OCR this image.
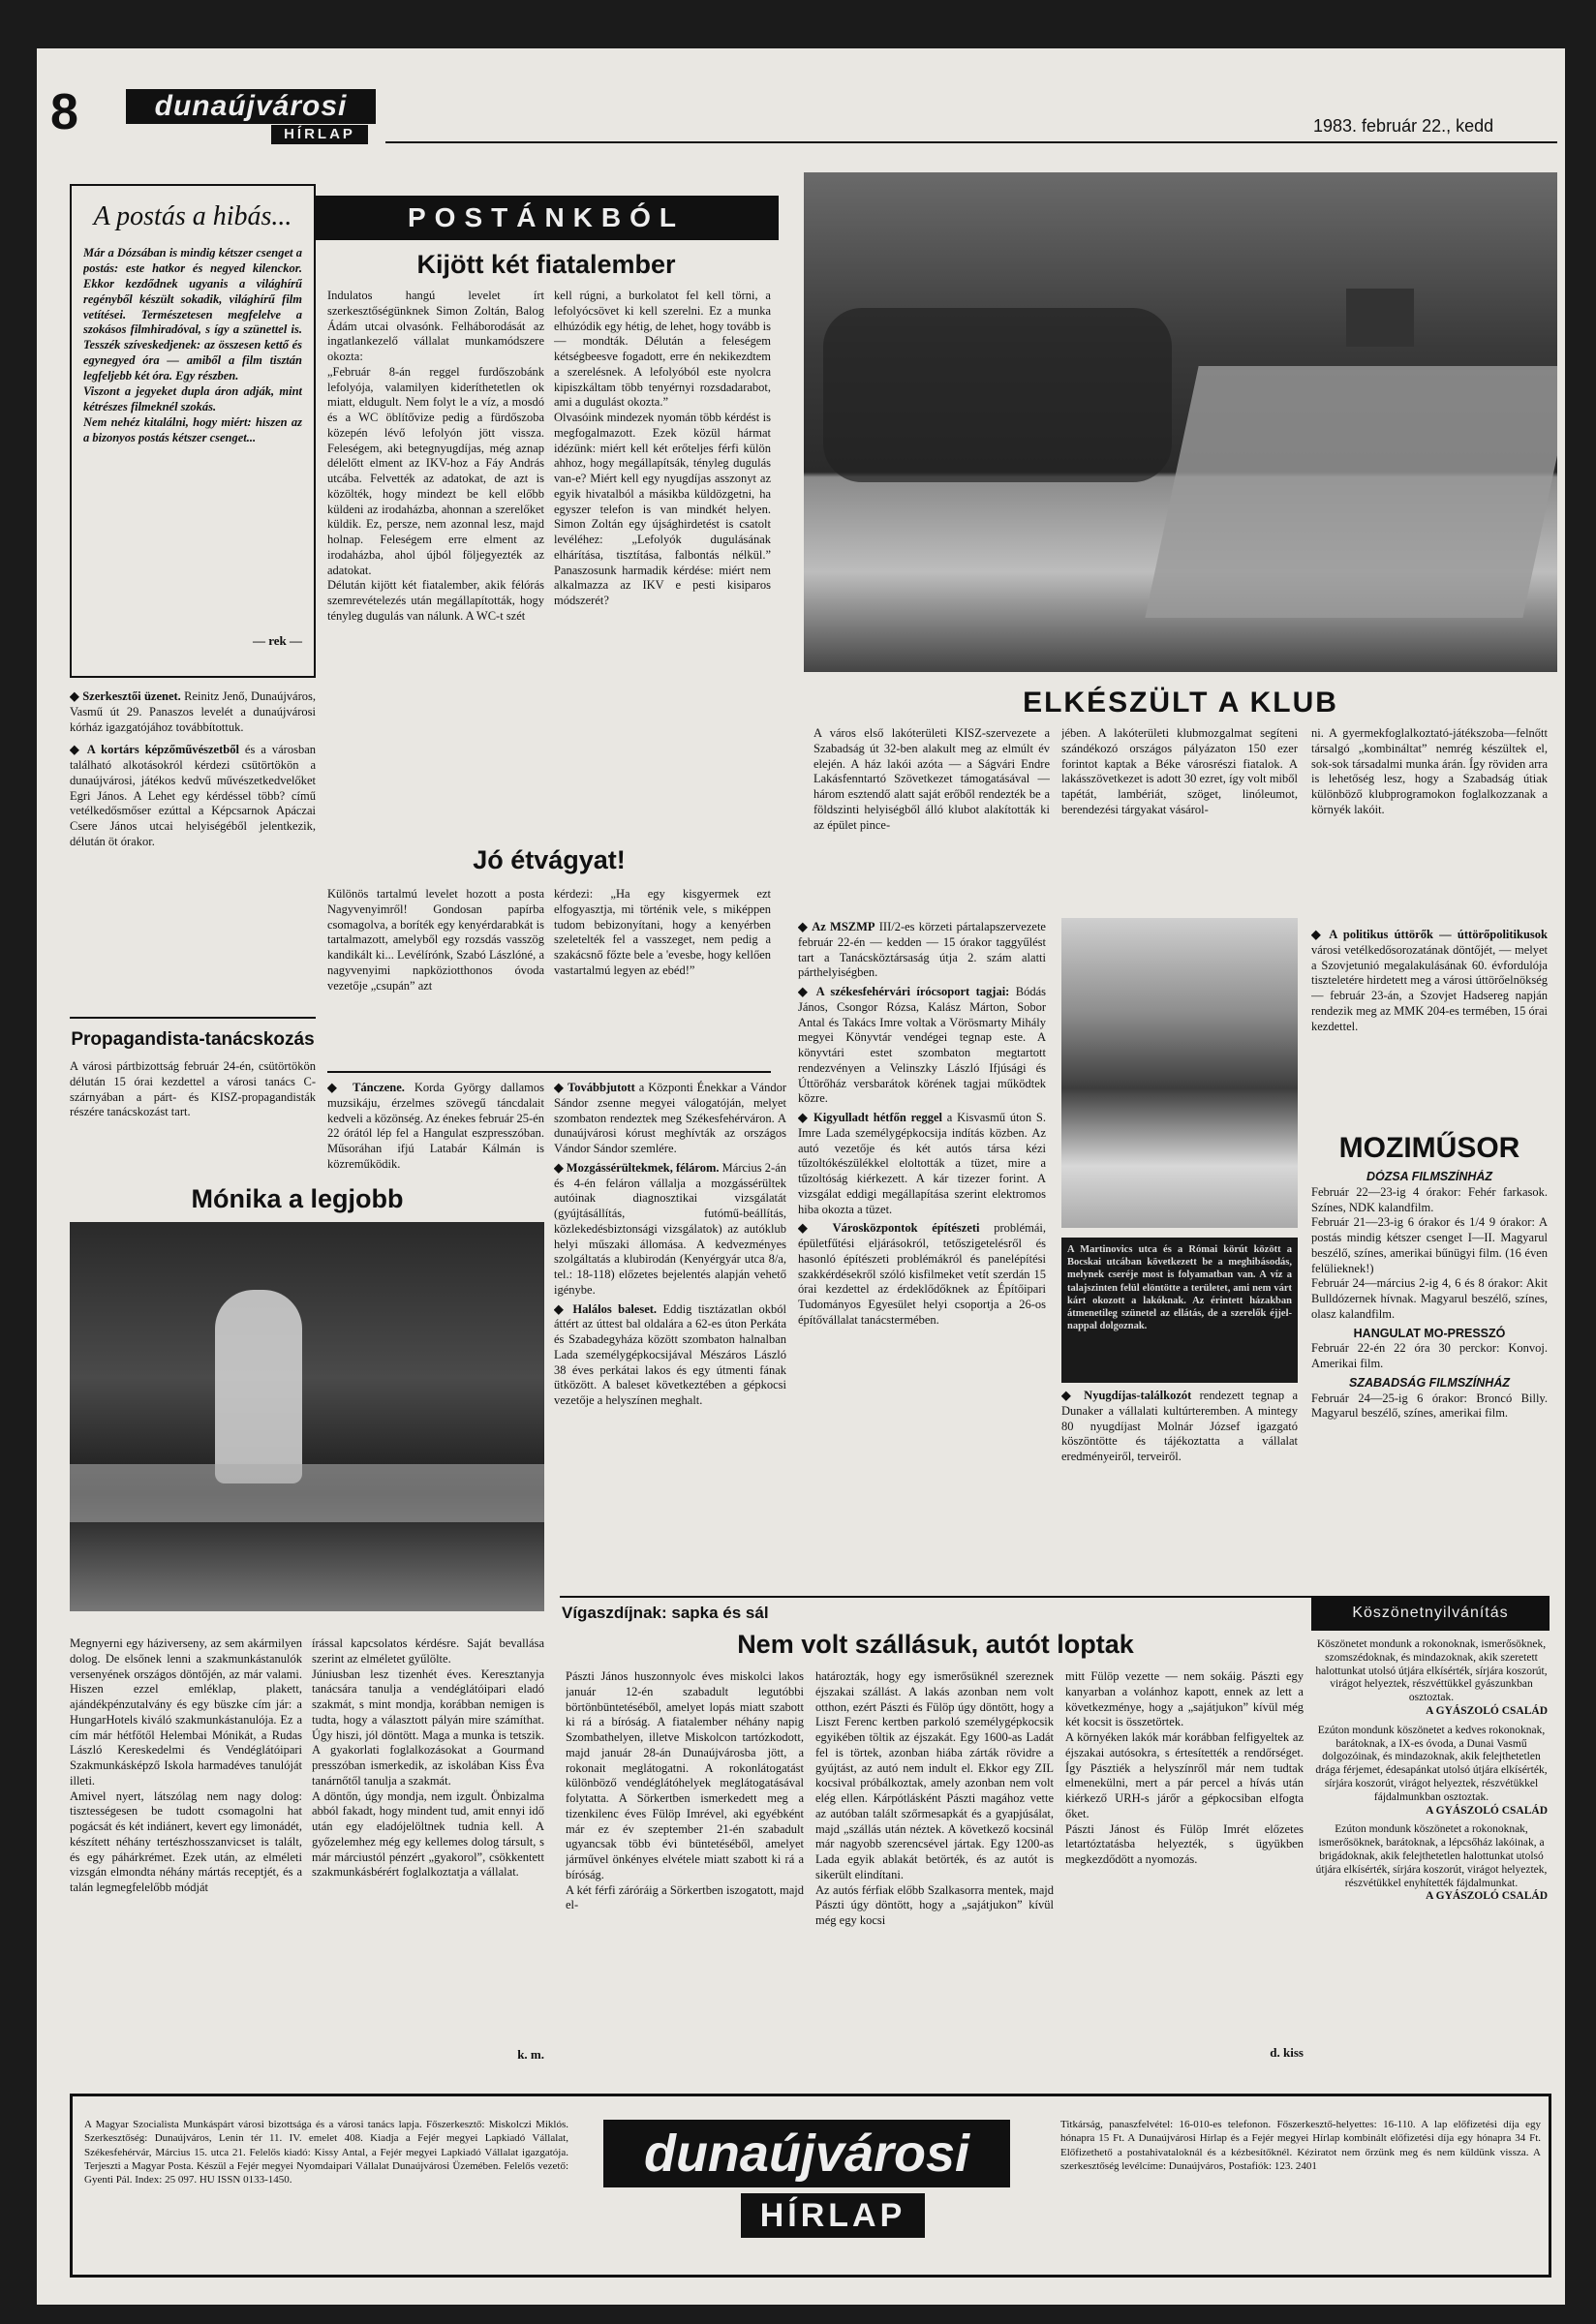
8	dunaújvárosi
HÍRLAP	1983. február 22., kedd
A postás a hibás...
Már a Dózsában is mindig kétszer csenget a postás: este hatkor és negyed kilenckor. Ekkor kezdődnek ugyanis a világhírű regényből készült sokadik, világhírű film vetítései. Természetesen megfelelve a szokásos filmhiradóval, s így a szünettel is. Tesszék szíveskedjenek: az összesen kettő és egynegyed óra — amiből a film tisztán legfeljebb két óra. Egy részben.
Viszont a jegyeket dupla áron adják, mint kétrészes filmeknél szokás.
Nem nehéz kitalálni, hogy miért: hiszen az a bizonyos postás kétszer csenget...
— rek —

◆ Szerkesztői üzenet. Reinitz Jenő, Dunaújváros, Vasmű út 29. Panaszos levelét a dunaújvárosi kórház igazgatójához továbbítottuk.

◆ A kortárs képzőművészetből és a városban található alkotásokról kérdezi csütörtökön a dunaújvárosi, játékos kedvű művészetkedvelőket Egri János. A Lehet egy kérdéssel több? című vetélkedősmőser ezúttal a Képcsarnok Apáczai Csere János utcai helyiségéből jelentkezik, délután öt órakor.

Propagandista-tanácskozás
A városi pártbizottság február 24-én, csütörtökön délután 15 órai kezdettel a városi tanács C-szárnyában a párt- és KISZ-propagandisták részére tanácskozást tart.
POSTÁNKBÓL
Kijött két fiatalember
Indulatos hangú levelet írt szerkesztőségünknek Simon Zoltán, Balog Ádám utcai olvasónk. Felháborodását az ingatlankezelő vállalat munkamódszere okozta:
„Február 8-án reggel furdőszobánk lefolyója, valamilyen kideríthetetlen ok miatt, eldugult. Nem folyt le a víz, a mosdó és a WC öblítővize pedig a fürdőszoba közepén lévő lefolyón jött vissza. Feleségem, aki betegnyugdíjas, még aznap délelőtt elment az IKV-hoz a Fáy András utcába. Felvették az adatokat, de azt is közölték, hogy mindezt be kell előbb küldeni az irodaházba, ahonnan a szerelőket küldik. Ez, persze, nem azonnal lesz, majd holnap. Feleségem erre elment az irodaházba, ahol újból följegyezték az adatokat.
Délután kijött két fiatalember, akik félórás szemrevételezés után megállapították, hogy tényleg dugulás van nálunk. A WC-t szét
kell rúgni, a burkolatot fel kell törni, a lefolyócsövet ki kell szerelni. Ez a munka elhúzódik egy hétig, de lehet, hogy tovább is — mondták. Délután a feleségem kétségbeesve fogadott, erre én nekikezdtem a szerelésnek. A lefolyóból este nyolcra kipiszkáltam több tenyérnyi rozsdadarabot, ami a dugulást okozta.”
Olvasóink mindezek nyomán több kérdést is megfogalmazott. Ezek közül hármat idézünk: miért kell két erőteljes férfi külön ahhoz, hogy megállapítsák, tényleg dugulás van-e? Miért kell egy nyugdíjas asszonyt az egyik hivatalból a másikba küldözgetni, ha egyszer telefon is van mindkét helyen. Simon Zoltán egy újsághirdetést is csatolt levéléhez: „Lefolyók dugulásának elhárítása, tisztítása, falbontás nélkül.” Panaszosunk harmadik kérdése: miért nem alkalmazza az IKV e pesti kisiparos módszerét?
Jó étvágyat!
Különös tartalmú levelet hozott a posta Nagyvenyimről! Gondosan papírba csomagolva, a boríték egy kenyérdarabkát is tartalmazott, amelyből egy rozsdás vasszög kandikált ki... Levélírónk, Szabó Lászlóné, a nagyvenyimi napköziotthonos óvoda vezetője „csupán” azt
kérdezi: „Ha egy kisgyermek ezt elfogyasztja, mi történik vele, s miképpen tudom bebizonyítani, hogy a kenyérben szeletelték fel a vasszeget, nem pedig a szakácsnő főzte bele a 'evesbe, hogy kellően vastartalmú legyen az ebéd!”
ELKÉSZÜLT A KLUB
A város első lakóterületi KISZ-szervezete a Szabadság út 32-ben alakult meg az elmúlt év elején. A ház lakói azóta — a Ságvári Endre Lakásfenntartó Szövetkezet támogatásával — három esztendő alatt saját erőből rendezték be a földszinti helyiségből álló klubot alakították ki az épület pince-
jében. A lakóterületi klubmozgalmat segíteni szándékozó országos pályázaton 150 ezer forintot kaptak a Béke városrészi fiatalok. A lakásszövetkezet is adott 30 ezret, így volt miből tapétát, lambériát, szöget, linóleumot, berendezési tárgyakat vásárol-
ni. A gyermekfoglalkoztató-játékszoba—felnőtt társalgó „kombináltat” nemrég készültek el, sok-sok társadalmi munka árán. Így röviden arra is lehetőség lesz, hogy a Szabadság útiak különböző klubprogramokon foglalkozzanak a környék lakóit.

◆ Tánczene. Korda György dallamos muzsikáju, érzelmes szövegű táncdalait kedveli a közönség. Az énekes február 25-én 22 órától lép fel a Hangulat eszpresszóban. Műsoráhan ifjú Latabár Kálmán is közreműködik.

◆ Továbbjutott a Központi Énekkar a Vándor Sándor zsenne megyei válogatóján, melyet szombaton rendeztek meg Székesfehérváron. A dunaújvárosi kórust meghívták az országos Vándor Sándor szemlére.

◆ Mozgássérültekmek, félárom. Március 2-án és 4-én feláron vállalja a mozgássérültek autóinak diagnosztikai vizsgálatát (gyújtásállítás, futómű-beállítás, közlekedésbiztonsági vizsgálatok) az autóklub helyi műszaki állomása. A kedvezményes szolgáltatás a klubirodán (Kenyérgyár utca 8/a, tel.: 18-118) előzetes bejelentés alapján vehető igénybe.

◆ Halálos baleset. Eddig tisztázatlan okból áttért az úttest bal oldalára a 62-es úton Perkáta és Szabadegyháza között szombaton halnalban Lada személygépkocsijával Mészáros László 38 éves perkátai lakos és egy útmenti fának ütközött. A baleset következtében a gépkocsi vezetője a helyszínen meghalt.

◆ Az MSZMP III/2-es körzeti pártalapszervezete február 22-én — kedden — 15 órakor taggyűlést tart a Tanácsköztársaság útja 2. szám alatti párthelyiségben.

◆ A székesfehérvári írócsoport tagjai: Bódás János, Csongor Rózsa, Kalász Márton, Sobor Antal és Takács Imre voltak a Vörösmarty Mihály megyei Könyvtár vendégei tegnap este. A könyvtári estet szombaton megtartott rendezvényen a Velinszky László Ifjúsági és Úttörőház versbarátok körének tagjai működtek közre.

◆ Kigyulladt hétfőn reggel a Kisvasmű úton S. Imre Lada személygépkocsija indítás közben. Az autó vezetője és két autós társa kézi tűzoltókészülékkel eloltották a tüzet, mire a tűzoltóság kiérkezett. A kár tizezer forint. A vizsgálat eddigi megállapítása szerint elektromos hiba okozta a tüzet.

◆ Városközpontok építészeti problémái, épületfűtési eljárásokról, tetőszigetelésről és hasonló építészeti problémákról és panelépítési szakkérdésekről szóló kisfilmeket vetít szerdán 15 órai kezdettel az érdeklődőknek az Építőipari Tudományos Egyesület helyi csoportja a 26-os építővállalat tanácstermében.

A Martinovics utca és a Római körút között a Bocskai utcában következett be a meghibásodás, melynek cseréje most is folyamatban van. A víz a talajszinten felül elöntötte a területet, ami nem várt kárt okozott a lakóknak. Az érintett házakban átmenetileg szünetel az ellátás, de a szerelők éjjel-nappal dolgoznak.
◆ Nyugdíjas-találkozót rendezett tegnap a Dunaker a vállalati kultúrteremben. A mintegy 80 nyugdíjast Molnár József igazgató köszöntötte és tájékoztatta a vállalat eredményeiről, terveiről.
◆ A politikus úttörők — úttörőpolitikusok városi vetélkedősorozatának döntőjét, — melyet a Szovjetunió megalakulásának 60. évfordulója tiszteletére hirdetett meg a városi úttörőelnökség — február 23-án, a Szovjet Hadsereg napján rendezik meg az MMK 204-es termében, 15 órai kezdettel.
MOZIMŰSOR
DÓZSA FILMSZÍNHÁZ
Február 22—23-ig 4 órakor: Fehér farkasok. Színes, NDK kalandfilm.
Február 21—23-ig 6 órakor és 1/4 9 órakor: A postás mindig kétszer csenget I—II. Magyarul beszélő, színes, amerikai bűnügyi film. (16 éven felülieknek!)
Február 24—március 2-ig 4, 6 és 8 órakor: Akit Bulldózernek hívnak. Magyarul beszélő, színes, olasz kalandfilm.
HANGULAT MO-PRESSZÓ
Február 22-én 22 óra 30 perckor: Konvoj. Amerikai film.
SZABADSÁG FILMSZÍNHÁZ
Február 24—25-ig 6 órakor: Broncó Billy. Magyarul beszélő, színes, amerikai film.
Mónika a legjobb
Megnyerni egy háziverseny, az sem akármilyen dolog. De elsőnek lenni a szakmunkástanulók versenyének országos döntőjén, az már valami. Hiszen ezzel emléklap, plakett, ajándékpénzutalvány és egy büszke cím jár: a HungarHotels kiváló szakmunkástanulója. Ez a cím már hétfőtől Helembai Mónikát, a Rudas László Kereskedelmi és Vendéglátóipari Szakmunkásképző Iskola harmadéves tanulóját illeti.
Amivel nyert, látszólag nem nagy dolog: tisztességesen be tudott csomagolni hat pogácsát és két indiánert, kevert egy limonádét, készített néhány tertészhosszanvicset is talált, és egy páhárkrémet. Ezek után, az elméleti vizsgán elmondta néhány mártás receptjét, és a talán legmegfelelőbb módját
írással kapcsolatos kérdésre. Saját bevallása szerint az elméletet gyűlölte.
Júniusban lesz tizenhét éves. Keresztanyja tanácsára tanulja a vendéglátóipari eladó szakmát, s mint mondja, korábban nemigen is tudta, hogy a választott pályán mire számíthat. Úgy hiszi, jól döntött. Maga a munka is tetszik. A gyakorlati foglalkozásokat a Gourmand presszóban ismerkedik, az iskolában Kiss Éva tanárnőtől tanulja a szakmát.
A döntőn, úgy mondja, nem izgult. Önbizalma abból fakadt, hogy mindent tud, amit ennyi idő után egy eladójelöltnek tudnia kell. A győzelemhez még egy kellemes dolog társult, s már márciustól pénzért „gyakorol”, csökkentett szakmunkásbérért foglalkoztatja a vállalat.
k. m.
Vígaszdíjnak: sapka és sál
Nem volt szállásuk, autót loptak
Pászti János huszonnyolc éves miskolci lakos január 12-én szabadult legutóbbi börtönbüntetéséből, amelyet lopás miatt szabott ki rá a bíróság. A fiatalember néhány napig Szombathelyen, illetve Miskolcon tartózkodott, majd január 28-án Dunaújvárosba jött, a rokonait meglátogatni. A rokonlátogatást különböző vendéglátóhelyek meglátogatásával folytatta. A Sörkertben ismerkedett meg a tizenkilenc éves Fülöp Imrével, aki egyébként már ez év szeptember 21-én szabadult ugyancsak több évi büntetéséből, amelyet járművel önkényes elvétele miatt szabott ki rá a bíróság.
A két férfi záróráig a Sörkertben iszogatott, majd el-
határozták, hogy egy ismerősüknél szereznek éjszakai szállást. A lakás azonban nem volt otthon, ezért Pászti és Fülöp úgy döntött, hogy a Liszt Ferenc kertben parkoló személygépkocsik egyikében töltik az éjszakát. Egy 1600-as Ladát fel is törtek, azonban hiába zárták rövidre a gyújtást, az autó nem indult el. Ekkor egy ZIL kocsival próbálkoztak, amely azonban nem volt elég ellen. Kárpótlásként Pászti magához vette az autóban talált szőrmesapkát és a gyapjúsálat, majd „szállás után néztek. A következő kocsinál már nagyobb szerencsével jártak. Egy 1200-as Lada egyik ablakát betörték, és az autót is sikerült elindítani.
Az autós férfiak előbb Szalkasorra mentek, majd Pászti úgy döntött, hogy a „sajátjukon” kívül még egy kocsi
mitt Fülöp vezette — nem sokáig. Pászti egy kanyarban a volánhoz kapott, ennek az lett a következménye, hogy a „sajátjukon” kívül még két kocsit is összetörtek.
A környéken lakók már korábban felfigyeltek az éjszakai autósokra, s értesítették a rendőrséget. Így Pásztiék a helyszínről már nem tudtak elmenekülni, mert a pár percel a hívás után kiérkező URH-s járőr a gépkocsiban elfogta őket.
Pászti Jánost és Fülöp Imrét előzetes letartóztatásba helyezték, s ügyükben megkezdődött a nyomozás.
d. kiss
Köszönetnyilvánítás
Köszönetet mondunk a rokonoknak, ismerősöknek, szomszédoknak, és mindazoknak, akik szeretett halottunkat utolsó útjára elkísérték, sírjára koszorút, virágot helyeztek, részvéttükkel gyászunkban osztoztak.
A GYÁSZOLÓ CSALÁD
Ezúton mondunk köszönetet a kedves rokonoknak, barátoknak, a IX-es óvoda, a Dunai Vasmű dolgozóinak, és mindazoknak, akik felejthetetlen drága férjemet, édesapánkat utolsó útjára elkísérték, sírjára koszorút, virágot helyeztek, részvétükkel fájdalmunkban osztoztak.
A GYÁSZOLÓ CSALÁD
Ezúton mondunk köszönetet a rokonoknak, ismerősöknek, barátoknak, a lépcsőház lakóinak, a brigádoknak, akik felejthetetlen halottunkat utolsó útjára elkísérték, sírjára koszorút, virágot helyeztek, részvétükkel enyhítették fájdalmunkat.
A GYÁSZOLÓ CSALÁD
A Magyar Szocialista Munkáspárt városi bizottsága és a városi tanács lapja. Főszerkesztő: Miskolczi Miklós. Szerkesztőség: Dunaújváros, Lenin tér 11. IV. emelet 408. Kiadja a Fejér megyei Lapkiadó Vállalat, Székesfehérvár, Március 15. utca 21. Felelős kiadó: Kissy Antal, a Fejér megyei Lapkiadó Vállalat igazgatója. Terjeszti a Magyar Posta. Készül a Fejér megyei Nyomdaipari Vállalat Dunaújvárosi Üzemében. Felelős vezető: Gyenti Pál. Index: 25 097. HU ISSN 0133-1450.	dunaújvárosi
HÍRLAP
Titkárság, panaszfelvétel: 16-010-es telefonon. Főszerkesztő-helyettes: 16-110. A lap előfizetési díja egy hónapra 15 Ft. A Dunaújvárosi Hírlap és a Fejér megyei Hírlap kombinált előfizetési díja egy hónapra 34 Ft. Előfizethető a postahivataloknál és a kézbesítőknél. Kéziratot nem őrzünk meg és nem küldünk vissza. A szerkesztőség levélcíme: Dunaújváros, Postafiók: 123. 2401
